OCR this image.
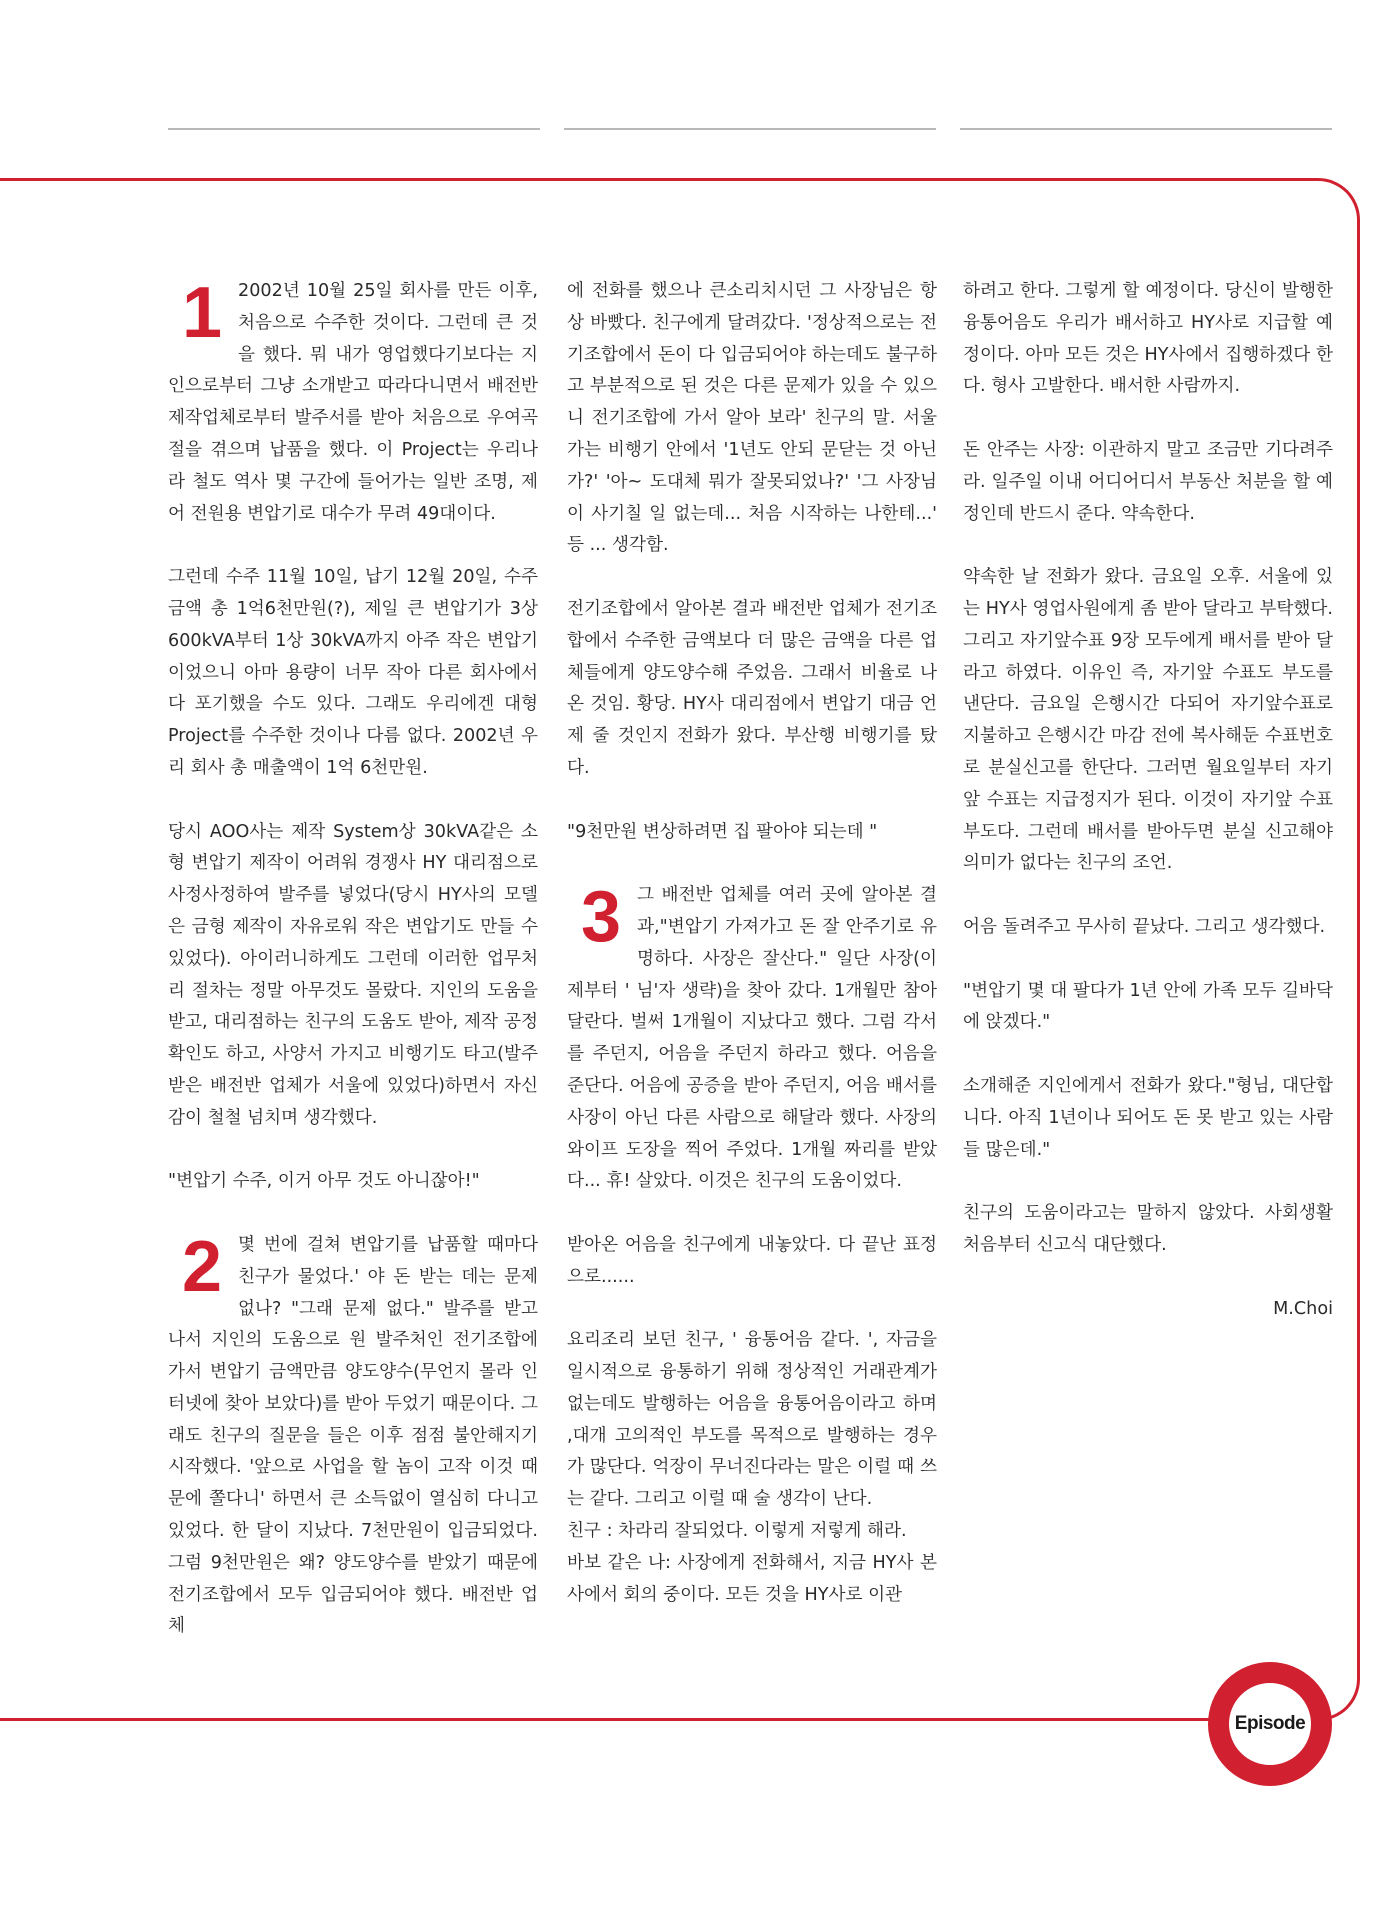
1 2002년 10월 25일 회사를 만든 이후, 처음으로 수주한 것이다. 그런데 큰 것을 했다. 뭐 내가 영업했다기보다는 지인으로부터 그냥 소개받고 따라다니면서 배전반 제작업체로부터 발주서를 받아 처음으로 우여곡절을 겪으며 납품을 했다. 이 Project는 우리나라 철도 역사 몇 구간에 들어가는 일반 조명, 제어 전원용 변압기로 대수가 무려 49대이다.

그런데 수주 11월 10일, 납기 12월 20일, 수주금액 총 1억6천만원(?), 제일 큰 변압기가 3상 600kVA부터 1상 30kVA까지 아주 작은 변압기이었으니 아마 용량이 너무 작아 다른 회사에서 다 포기했을 수도 있다. 그래도 우리에겐 대형 Project를 수주한 것이나 다름 없다. 2002년 우리 회사 총 매출액이 1억 6천만원.

당시 AOO사는 제작 System상 30kVA같은 소형 변압기 제작이 어려워 경쟁사 HY 대리점으로 사정사정하여 발주를 넣었다(당시 HY사의 모델은 금형 제작이 자유로워 작은 변압기도 만들 수 있었다). 아이러니하게도 그런데 이러한 업무처리 절차는 정말 아무것도 몰랐다. 지인의 도움을 받고, 대리점하는 친구의 도움도 받아, 제작 공정확인도 하고, 사양서 가지고 비행기도 타고(발주 받은 배전반 업체가 서울에 있었다)하면서 자신감이 철철 넘치며 생각했다.

"변압기 수주, 이거 아무 것도 아니잖아!"

2 몇 번에 걸쳐 변압기를 납품할 때마다 친구가 물었다.' 야 돈 받는 데는 문제 없나? "그래 문제 없다." 발주를 받고 나서 지인의 도움으로 원 발주처인 전기조합에 가서 변압기 금액만큼 양도양수(무언지 몰라 인터넷에 찾아 보았다)를 받아 두었기 때문이다. 그래도 친구의 질문을 들은 이후 점점 불안해지기 시작했다. '앞으로 사업을 할 놈이 고작 이것 때문에 쫄다니' 하면서 큰 소득없이 열심히 다니고 있었다. 한 달이 지났다. 7천만원이 입금되었다. 그럼 9천만원은 왜? 양도양수를 받았기 때문에 전기조합에서 모두 입금되어야 했다. 배전반 업체

에 전화를 했으나 큰소리치시던 그 사장님은 항상 바빴다. 친구에게 달려갔다. '정상적으로는 전기조합에서 돈이 다 입금되어야 하는데도 불구하고 부분적으로 된 것은 다른 문제가 있을 수 있으니 전기조합에 가서 알아 보라' 친구의 말. 서울가는 비행기 안에서 '1년도 안되 문닫는 것 아닌가?' '아~ 도대체 뭐가 잘못되었나?' '그 사장님이 사기칠 일 없는데... 처음 시작하는 나한테...' 등 ... 생각함.

전기조합에서 알아본 결과 배전반 업체가 전기조합에서 수주한 금액보다 더 많은 금액을 다른 업체들에게 양도양수해 주었음. 그래서 비율로 나온 것임. 황당. HY사 대리점에서 변압기 대금 언제 줄 것인지 전화가 왔다. 부산행 비행기를 탔다.

"9천만원 변상하려면 집 팔아야 되는데 "

3 그 배전반 업체를 여러 곳에 알아본 결과,"변압기 가져가고 돈 잘 안주기로 유명하다. 사장은 잘산다." 일단 사장(이제부터 ' 님'자 생략)을 찾아 갔다. 1개월만 참아 달란다. 벌써 1개월이 지났다고 했다. 그럼 각서를 주던지, 어음을 주던지 하라고 했다. 어음을 준단다. 어음에 공증을 받아 주던지, 어음 배서를 사장이 아닌 다른 사람으로 해달라 했다. 사장의 와이프 도장을 찍어 주었다. 1개월 짜리를 받았다... 휴! 살았다. 이것은 친구의 도움이었다.

받아온 어음을 친구에게 내놓았다. 다 끝난 표정으로......

요리조리 보던 친구, ' 융통어음 같다. ', 자금을 일시적으로 융통하기 위해 정상적인 거래관계가 없는데도 발행하는 어음을 융통어음이라고 하며 ,대개 고의적인 부도를 목적으로 발행하는 경우가 많단다. 억장이 무너진다라는 말은 이럴 때 쓰는 같다. 그리고 이럴 때 술 생각이 난다.

친구 : 차라리 잘되었다. 이렇게 저렇게 해라.

바보 같은 나: 사장에게 전화해서, 지금 HY사 본사에서 회의 중이다. 모든 것을 HY사로 이관

하려고 한다. 그렇게 할 예정이다. 당신이 발행한 융통어음도 우리가 배서하고 HY사로 지급할 예정이다. 아마 모든 것은 HY사에서 집행하겠다 한다. 형사 고발한다. 배서한 사람까지.

돈 안주는 사장: 이관하지 말고 조금만 기다려주라. 일주일 이내 어디어디서 부동산 처분을 할 예정인데 반드시 준다. 약속한다.

약속한 날 전화가 왔다. 금요일 오후. 서울에 있는 HY사 영업사원에게 좀 받아 달라고 부탁했다. 그리고 자기앞수표 9장 모두에게 배서를 받아 달라고 하였다. 이유인 즉, 자기앞 수표도 부도를 낸단다. 금요일 은행시간 다되어 자기앞수표로 지불하고 은행시간 마감 전에 복사해둔 수표번호로 분실신고를 한단다. 그러면 월요일부터 자기앞 수표는 지급정지가 된다. 이것이 자기앞 수표 부도다. 그런데 배서를 받아두면 분실 신고해야 의미가 없다는 친구의 조언.

어음 돌려주고 무사히 끝났다. 그리고 생각했다.

"변압기 몇 대 팔다가 1년 안에 가족 모두 길바닥에 앉겠다."

소개해준 지인에게서 전화가 왔다."형님, 대단합니다. 아직 1년이나 되어도 돈 못 받고 있는 사람들 많은데."

친구의 도움이라고는 말하지 않았다. 사회생활 처음부터 신고식 대단했다.

M.Choi

Episode
